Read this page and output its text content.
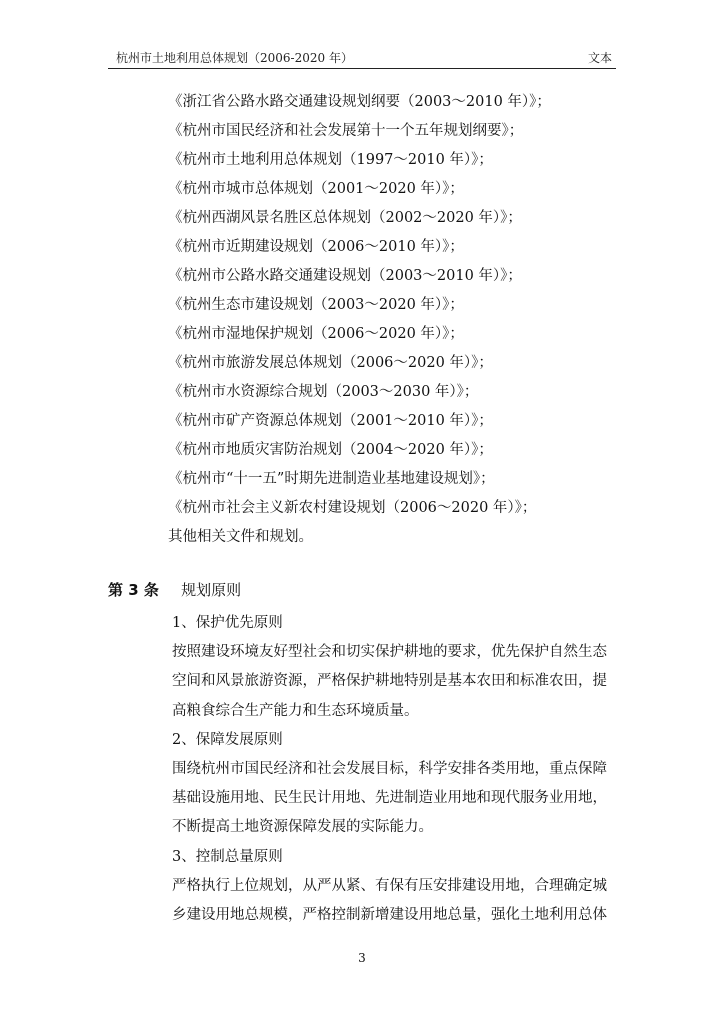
杭州市土地利用总体规划（2006-2020 年）	文本
《浙江省公路水路交通建设规划纲要（2003～2010 年）》；
《杭州市国民经济和社会发展第十一个五年规划纲要》；
《杭州市土地利用总体规划（1997～2010 年）》；
《杭州市城市总体规划（2001～2020 年）》；
《杭州西湖风景名胜区总体规划（2002～2020 年）》；
《杭州市近期建设规划（2006～2010 年）》；
《杭州市公路水路交通建设规划（2003～2010 年）》；
《杭州生态市建设规划（2003～2020 年）》；
《杭州市湿地保护规划（2006～2020 年）》；
《杭州市旅游发展总体规划（2006～2020 年）》；
《杭州市水资源综合规划（2003～2030 年）》；
《杭州市矿产资源总体规划（2001～2010 年）》；
《杭州市地质灾害防治规划（2004～2020 年）》；
《杭州市“十一五”时期先进制造业基地建设规划》；
《杭州市社会主义新农村建设规划（2006～2020 年）》；
其他相关文件和规划。
第 3 条 规划原则
1、保护优先原则
按照建设环境友好型社会和切实保护耕地的要求，优先保护自然生态
空间和风景旅游资源，严格保护耕地特别是基本农田和标准农田，提
高粮食综合生产能力和生态环境质量。
2、保障发展原则
围绕杭州市国民经济和社会发展目标，科学安排各类用地，重点保障
基础设施用地、民生民计用地、先进制造业用地和现代服务业用地，
不断提高土地资源保障发展的实际能力。
3、控制总量原则
严格执行上位规划，从严从紧、有保有压安排建设用地，合理确定城
乡建设用地总规模，严格控制新增建设用地总量，强化土地利用总体
3
